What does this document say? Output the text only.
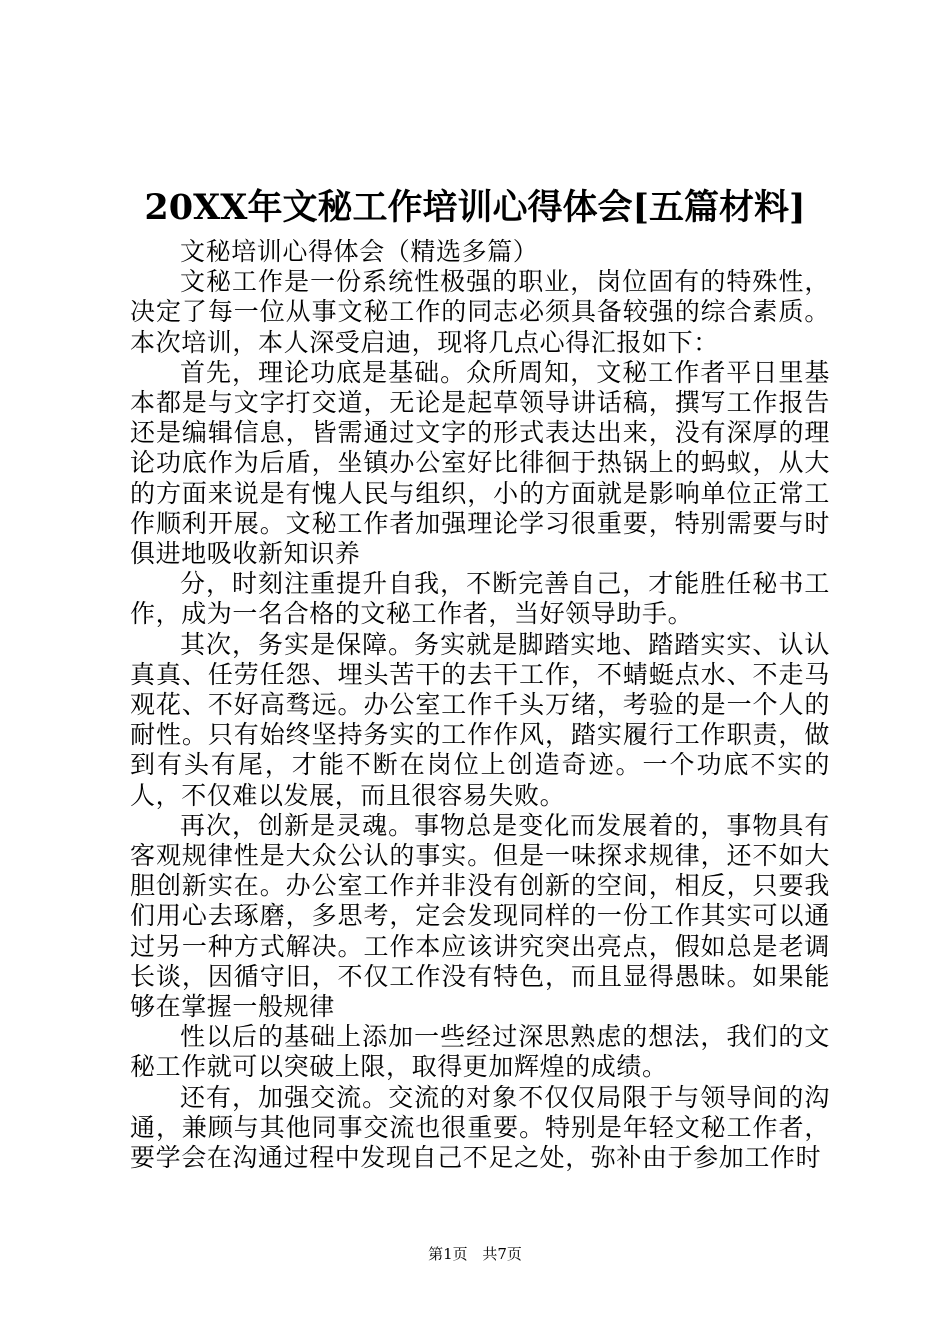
20XX年文秘工作培训心得体会[五篇材料]

文秘培训心得体会（精选多篇）

文秘工作是一份系统性极强的职业，岗位固有的特殊性，决定了每一位从事文秘工作的同志必须具备较强的综合素质。本次培训，本人深受启迪，现将几点心得汇报如下：

首先，理论功底是基础。众所周知，文秘工作者平日里基本都是与文字打交道，无论是起草领导讲话稿，撰写工作报告还是编辑信息，皆需通过文字的形式表达出来，没有深厚的理论功底作为后盾，坐镇办公室好比徘徊于热锅上的蚂蚁，从大的方面来说是有愧人民与组织，小的方面就是影响单位正常工作顺利开展。文秘工作者加强理论学习很重要，特别需要与时俱进地吸收新知识养

分，时刻注重提升自我，不断完善自己，才能胜任秘书工作，成为一名合格的文秘工作者，当好领导助手。

其次，务实是保障。务实就是脚踏实地、踏踏实实、认认真真、任劳任怨、埋头苦干的去干工作，不蜻蜓点水、不走马观花、不好高骛远。办公室工作千头万绪，考验的是一个人的耐性。只有始终坚持务实的工作作风，踏实履行工作职责，做到有头有尾，才能不断在岗位上创造奇迹。一个功底不实的人，不仅难以发展，而且很容易失败。

再次，创新是灵魂。事物总是变化而发展着的，事物具有客观规律性是大众公认的事实。但是一味探求规律，还不如大胆创新实在。办公室工作并非没有创新的空间，相反，只要我们用心去琢磨，多思考，定会发现同样的一份工作其实可以通过另一种方式解决。工作本应该讲究突出亮点，假如总是老调长谈，因循守旧，不仅工作没有特色，而且显得愚昧。如果能够在掌握一般规律

性以后的基础上添加一些经过深思熟虑的想法，我们的文秘工作就可以突破上限，取得更加辉煌的成绩。

还有，加强交流。交流的对象不仅仅局限于与领导间的沟通，兼顾与其他同事交流也很重要。特别是年轻文秘工作者，要学会在沟通过程中发现自己不足之处，弥补由于参加工作时

第1页 共7页
